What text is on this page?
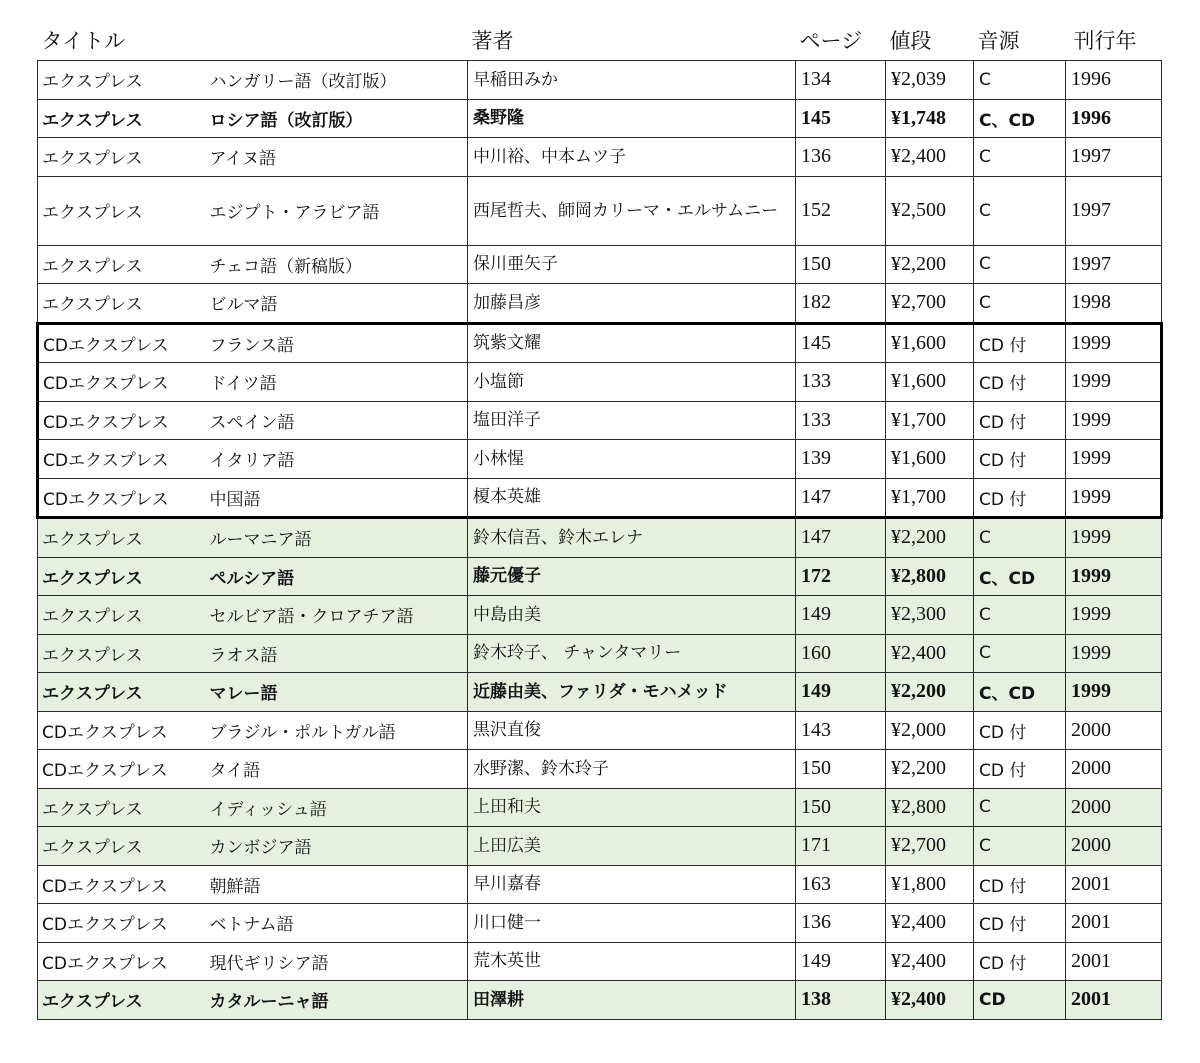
タイトル		著者	ページ	値段	音源	刊行年
エクスプレス	ハンガリー語（改訂版）	早稲田みか	134	¥2,039	C	1996
エクスプレス	ロシア語（改訂版）	桑野隆	145	¥1,748	C、CD	1996
エクスプレス	アイヌ語	中川裕、中本ムツ子	136	¥2,400	C	1997
エクスプレス	エジプト・アラビア語	西尾哲夫、師岡カリーマ・エルサムニー	152	¥2,500	C	1997
エクスプレス	チェコ語（新稿版）	保川亜矢子	150	¥2,200	C	1997
エクスプレス	ビルマ語	加藤昌彦	182	¥2,700	C	1998
CDエクスプレス	フランス語	筑紫文耀	145	¥1,600	CD 付	1999
CDエクスプレス	ドイツ語	小塩節	133	¥1,600	CD 付	1999
CDエクスプレス	スペイン語	塩田洋子	133	¥1,700	CD 付	1999
CDエクスプレス	イタリア語	小林惺	139	¥1,600	CD 付	1999
CDエクスプレス	中国語	榎本英雄	147	¥1,700	CD 付	1999
エクスプレス	ルーマニア語	鈴木信吾、鈴木エレナ	147	¥2,200	C	1999
エクスプレス	ペルシア語	藤元優子	172	¥2,800	C、CD	1999
エクスプレス	セルビア語・クロアチア語	中島由美	149	¥2,300	C	1999
エクスプレス	ラオス語	鈴木玲子、 チャンタマリー	160	¥2,400	C	1999
エクスプレス	マレー語	近藤由美、ファリダ・モハメッド	149	¥2,200	C、CD	1999
CDエクスプレス	ブラジル・ポルトガル語	黒沢直俊	143	¥2,000	CD 付	2000
CDエクスプレス	タイ語	水野潔、鈴木玲子	150	¥2,200	CD 付	2000
エクスプレス	イディッシュ語	上田和夫	150	¥2,800	C	2000
エクスプレス	カンボジア語	上田広美	171	¥2,700	C	2000
CDエクスプレス	朝鮮語	早川嘉春	163	¥1,800	CD 付	2001
CDエクスプレス	ベトナム語	川口健一	136	¥2,400	CD 付	2001
CDエクスプレス	現代ギリシア語	荒木英世	149	¥2,400	CD 付	2001
エクスプレス	カタルーニャ語	田澤耕	138	¥2,400	CD	2001
